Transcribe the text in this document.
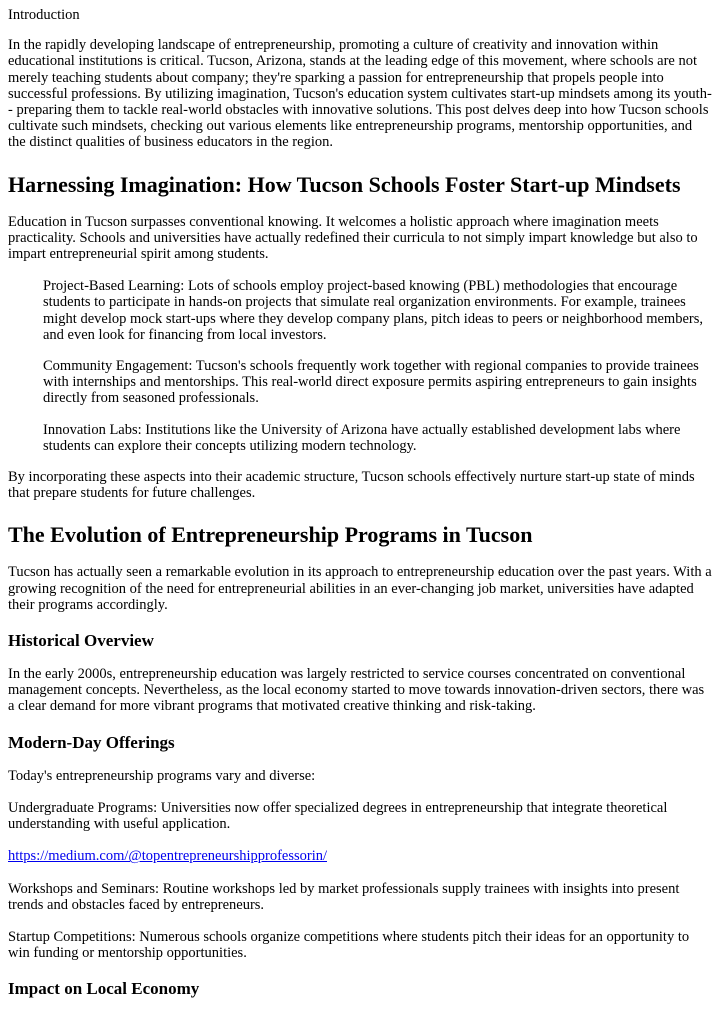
Introduction

In the rapidly developing landscape of entrepreneurship, promoting a culture of creativity and innovation within educational institutions is critical. Tucson, Arizona, stands at the leading edge of this movement, where schools are not merely teaching students about company; they're sparking a passion for entrepreneurship that propels people into successful professions. By utilizing imagination, Tucson's education system cultivates start-up mindsets among its youth-- preparing them to tackle real-world obstacles with innovative solutions. This post delves deep into how Tucson schools cultivate such mindsets, checking out various elements like entrepreneurship programs, mentorship opportunities, and the distinct qualities of business educators in the region.

Harnessing Imagination: How Tucson Schools Foster Start-up Mindsets

Education in Tucson surpasses conventional knowing. It welcomes a holistic approach where imagination meets practicality. Schools and universities have actually redefined their curricula to not simply impart knowledge but also to impart entrepreneurial spirit among students.

Project-Based Learning: Lots of schools employ project-based knowing (PBL) methodologies that encourage students to participate in hands-on projects that simulate real organization environments. For example, trainees might develop mock start-ups where they develop company plans, pitch ideas to peers or neighborhood members, and even look for financing from local investors.

Community Engagement: Tucson's schools frequently work together with regional companies to provide trainees with internships and mentorships. This real-world direct exposure permits aspiring entrepreneurs to gain insights directly from seasoned professionals.

Innovation Labs: Institutions like the University of Arizona have actually established development labs where students can explore their concepts utilizing modern technology.

By incorporating these aspects into their academic structure, Tucson schools effectively nurture start-up state of minds that prepare students for future challenges.

The Evolution of Entrepreneurship Programs in Tucson

Tucson has actually seen a remarkable evolution in its approach to entrepreneurship education over the past years. With a growing recognition of the need for entrepreneurial abilities in an ever-changing job market, universities have adapted their programs accordingly.

Historical Overview

In the early 2000s, entrepreneurship education was largely restricted to service courses concentrated on conventional management concepts. Nevertheless, as the local economy started to move towards innovation-driven sectors, there was a clear demand for more vibrant programs that motivated creative thinking and risk-taking.

Modern-Day Offerings

Today's entrepreneurship programs vary and diverse:

Undergraduate Programs: Universities now offer specialized degrees in entrepreneurship that integrate theoretical understanding with useful application.

https://medium.com/@topentrepreneurshipprofessorin/

Workshops and Seminars: Routine workshops led by market professionals supply trainees with insights into present trends and obstacles faced by entrepreneurs.

Startup Competitions: Numerous schools organize competitions where students pitch their ideas for an opportunity to win funding or mentorship opportunities.

Impact on Local Economy
